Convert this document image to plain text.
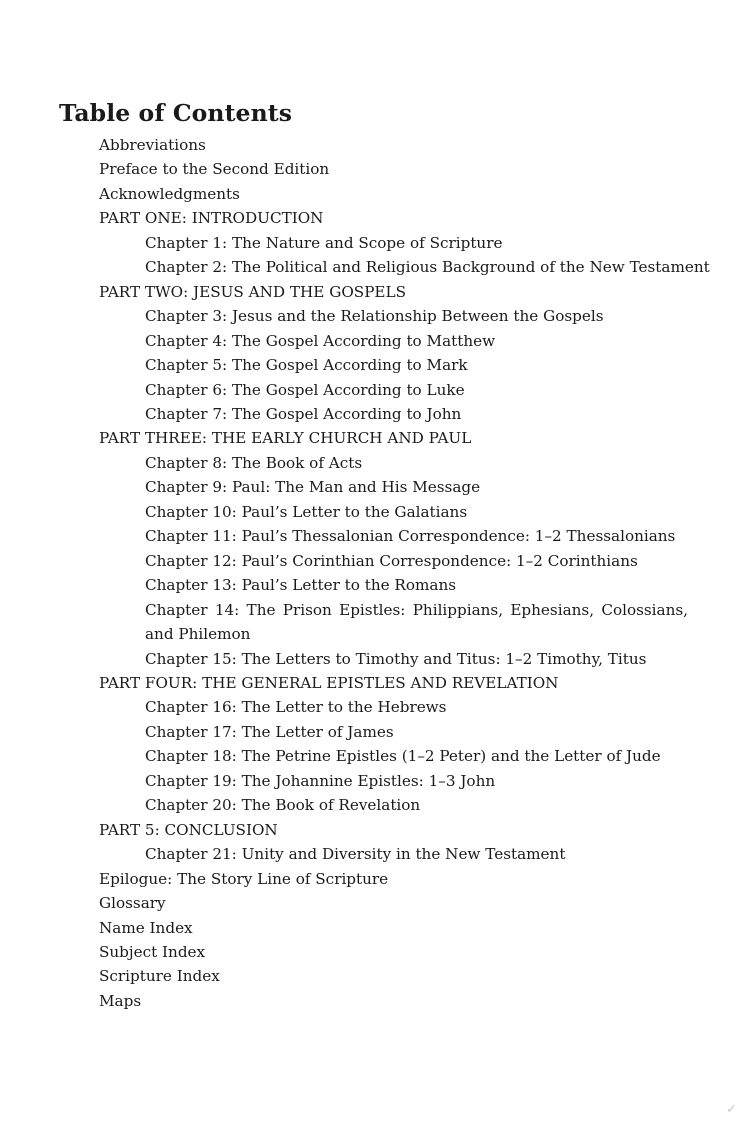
Table of Contents
Abbreviations
Preface to the Second Edition
Acknowledgments
PART ONE: INTRODUCTION
Chapter 1: The Nature and Scope of Scripture
Chapter 2: The Political and Religious Background of the New Testament
PART TWO: JESUS AND THE GOSPELS
Chapter 3: Jesus and the Relationship Between the Gospels
Chapter 4: The Gospel According to Matthew
Chapter 5: The Gospel According to Mark
Chapter 6: The Gospel According to Luke
Chapter 7: The Gospel According to John
PART THREE: THE EARLY CHURCH AND PAUL
Chapter 8: The Book of Acts
Chapter 9: Paul: The Man and His Message
Chapter 10: Paul’s Letter to the Galatians
Chapter 11: Paul’s Thessalonian Correspondence: 1–2 Thessalonians
Chapter 12: Paul’s Corinthian Correspondence: 1–2 Corinthians
Chapter 13: Paul’s Letter to the Romans
Chapter 14: The Prison Epistles: Philippians, Ephesians, Colossians, and Philemon
Chapter 15: The Letters to Timothy and Titus: 1–2 Timothy, Titus
PART FOUR: THE GENERAL EPISTLES AND REVELATION
Chapter 16: The Letter to the Hebrews
Chapter 17: The Letter of James
Chapter 18: The Petrine Epistles (1–2 Peter) and the Letter of Jude
Chapter 19: The Johannine Epistles: 1–3 John
Chapter 20: The Book of Revelation
PART 5: CONCLUSION
Chapter 21: Unity and Diversity in the New Testament
Epilogue: The Story Line of Scripture
Glossary
Name Index
Subject Index
Scripture Index
Maps
✓
